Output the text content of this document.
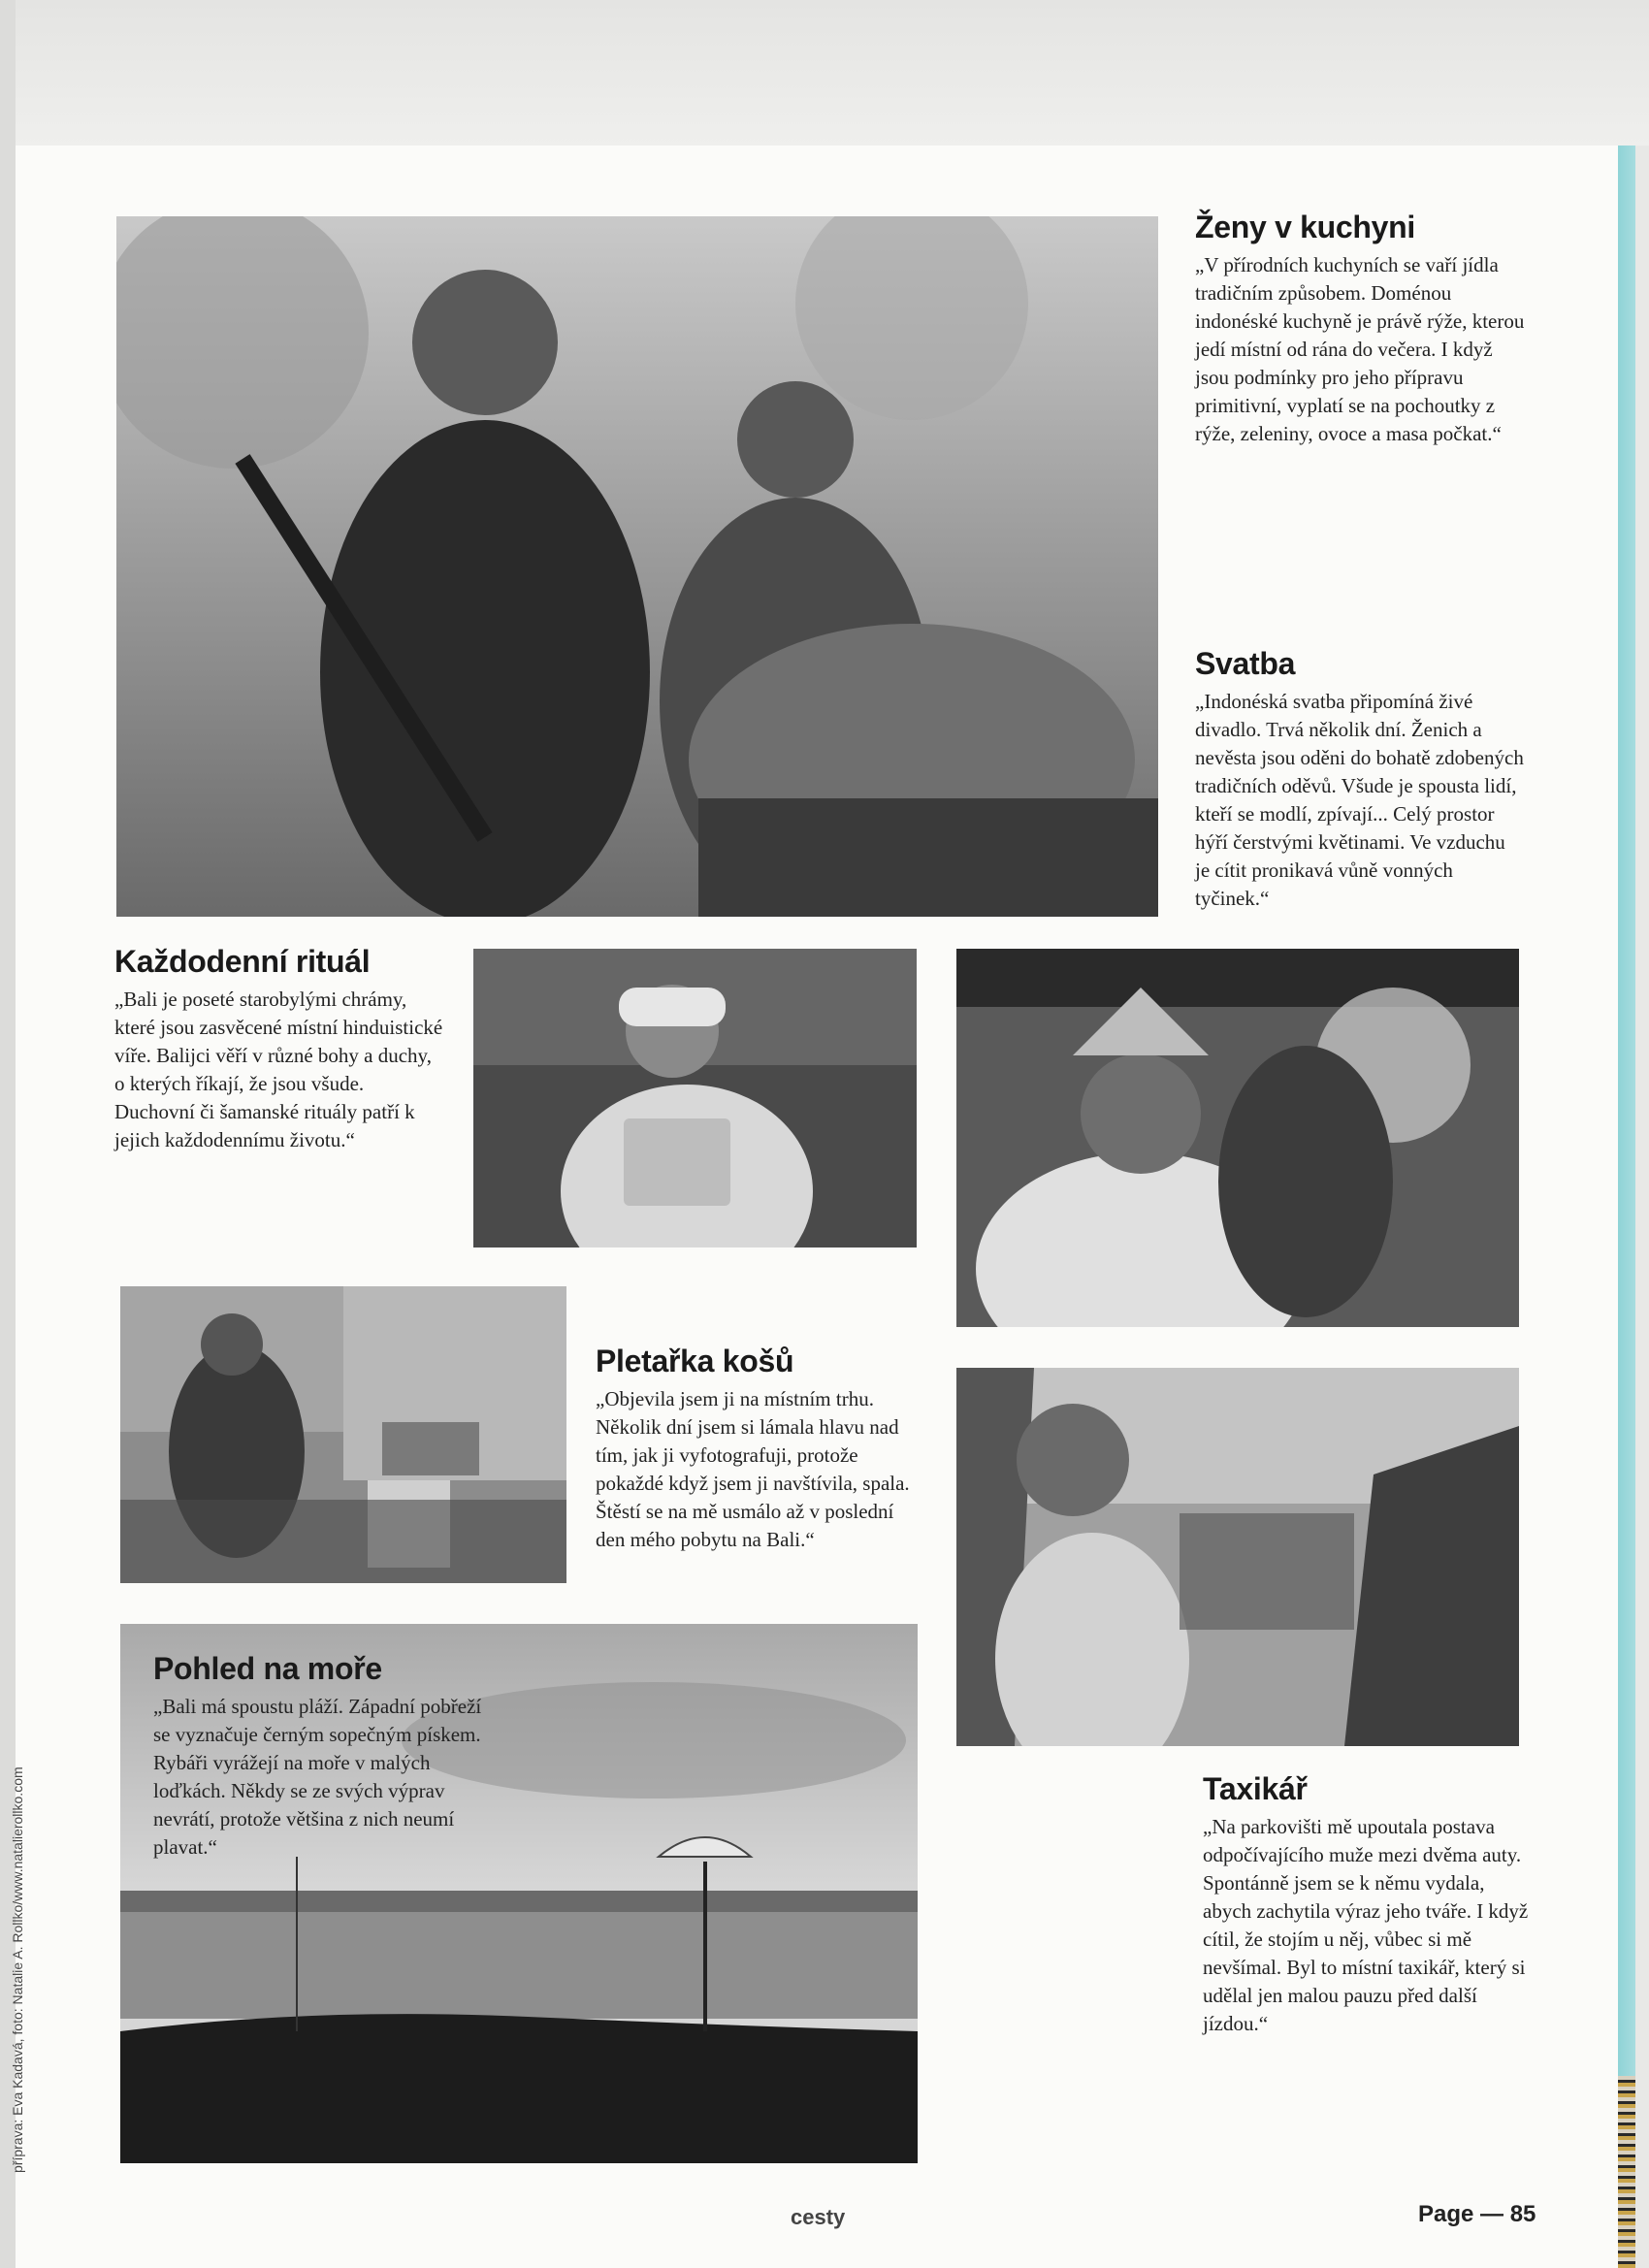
Ženy v kuchyni

„V přírodních kuchyních se vaří jídla tradičním způsobem. Doménou indonéské kuchyně je právě rýže, kterou jedí místní od rána do večera. I když jsou podmínky pro jeho přípravu primitivní, vyplatí se na pochoutky z rýže, zeleniny, ovoce a masa počkat.“

Svatba

„Indonéská svatba připomíná živé divadlo. Trvá několik dní. Ženich a nevěsta jsou oděni do bohatě zdobených tradičních oděvů. Všude je spousta lidí, kteří se modlí, zpívají... Celý prostor hýří čerstvými květinami. Ve vzduchu je cítit pronikavá vůně vonných tyčinek.“

Každodenní rituál

„Bali je poseté starobylými chrámy, které jsou zasvěcené místní hinduistické víře. Balijci věří v různé bohy a duchy, o kterých říkají, že jsou všude. Duchovní či šamanské rituály patří k jejich každodennímu životu.“

Pletařka košů

„Objevila jsem ji na místním trhu. Několik dní jsem si lámala hlavu nad tím, jak ji vyfotografuji, protože pokaždé když jsem ji navštívila, spala. Štěstí se na mě usmálo až v poslední den mého pobytu na Bali.“

Pohled na moře

„Bali má spoustu pláží. Západní pobřeží se vyznačuje černým sopečným pískem. Rybáři vyrážejí na moře v malých loďkách. Někdy se ze svých výprav nevrátí, protože většina z nich neumí plavat.“

Taxikář

„Na parkovišti mě upoutala postava odpočívajícího muže mezi dvěma auty. Spontánně jsem se k němu vydala, abych zachytila výraz jeho tváře. I když cítil, že stojím u něj, vůbec si mě nevšímal. Byl to místní taxikář, který si udělal jen malou pauzu před další jízdou.“

příprava: Eva Kadavá, foto: Natalie A. Rollko/www.natalierollko.com
cesty	Page — 85
